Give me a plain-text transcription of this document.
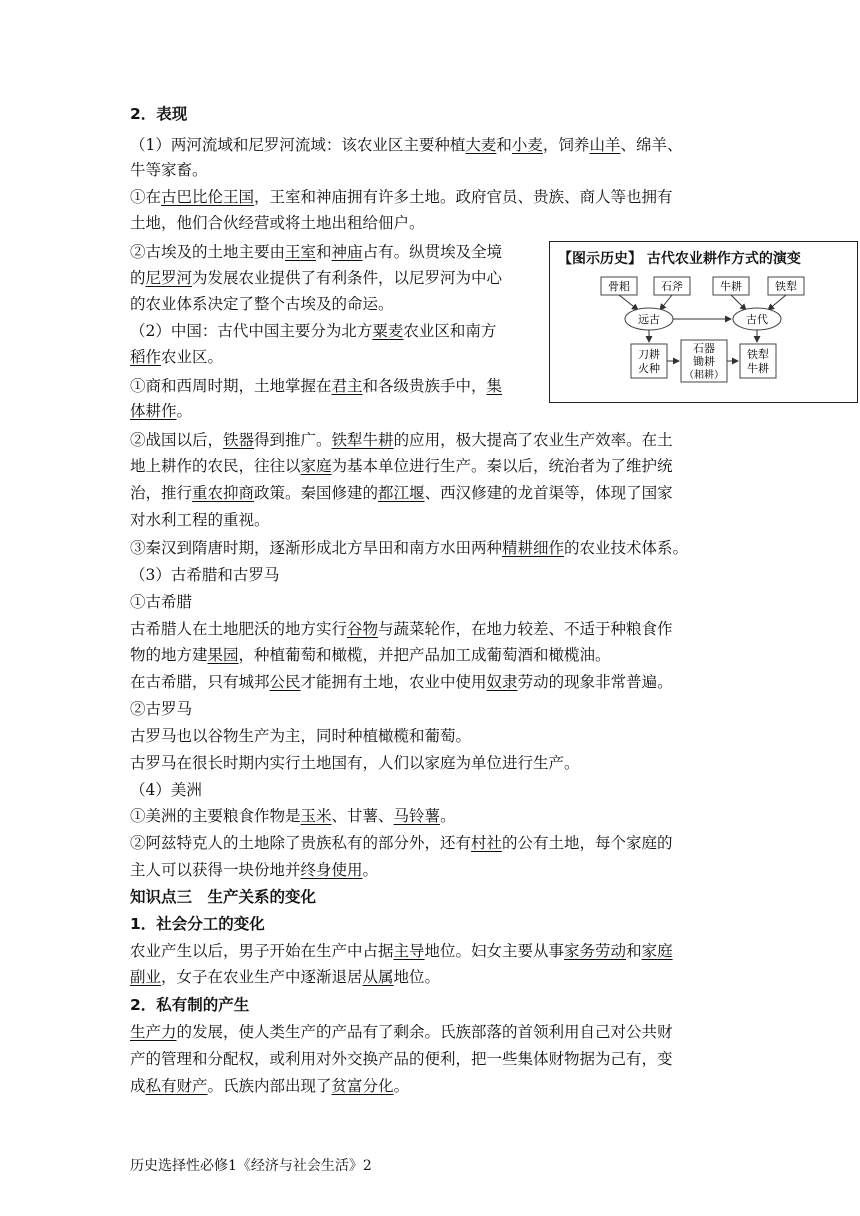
2．表现
（1）两河流域和尼罗河流域：该农业区主要种植大麦和小麦，饲养山羊、绵羊、
牛等家畜。
①在古巴比伦王国，王室和神庙拥有许多土地。政府官员、贵族、商人等也拥有
土地，他们合伙经营或将土地出租给佃户。
②古埃及的土地主要由王室和神庙占有。纵贯埃及全境
的尼罗河为发展农业提供了有利条件，以尼罗河为中心
的农业体系决定了整个古埃及的命运。
（2）中国：古代中国主要分为北方粟麦农业区和南方
稻作农业区。
①商和西周时期，土地掌握在君主和各级贵族手中，集
体耕作。
②战国以后，铁器得到推广。铁犁牛耕的应用，极大提高了农业生产效率。在土
地上耕作的农民，往往以家庭为基本单位进行生产。秦以后，统治者为了维护统
治，推行重农抑商政策。秦国修建的都江堰、西汉修建的龙首渠等，体现了国家
对水利工程的重视。
③秦汉到隋唐时期，逐渐形成北方旱田和南方水田两种精耕细作的农业技术体系。
（3）古希腊和古罗马
①古希腊
古希腊人在土地肥沃的地方实行谷物与蔬菜轮作，在地力较差、不适于种粮食作
物的地方建果园，种植葡萄和橄榄，并把产品加工成葡萄酒和橄榄油。
在古希腊，只有城邦公民才能拥有土地，农业中使用奴隶劳动的现象非常普遍。
②古罗马
古罗马也以谷物生产为主，同时种植橄榄和葡萄。
古罗马在很长时期内实行土地国有，人们以家庭为单位进行生产。
（4）美洲
①美洲的主要粮食作物是玉米、甘薯、马铃薯。
②阿兹特克人的土地除了贵族私有的部分外，还有村社的公有土地，每个家庭的
主人可以获得一块份地并终身使用。
知识点三　生产关系的变化
1．社会分工的变化
农业产生以后，男子开始在生产中占据主导地位。妇女主要从事家务劳动和家庭
副业，女子在农业生产中逐渐退居从属地位。
2．私有制的产生
生产力的发展，使人类生产的产品有了剩余。氏族部落的首领利用自己对公共财
产的管理和分配权，或利用对外交换产品的便利，把一些集体财物据为己有，变
成私有财产。氏族内部出现了贫富分化。
历史选择性必修1《经济与社会生活》2
【图示历史】 古代农业耕作方式的演变
骨耜	石斧	牛耕	铁犁
远古	古代
刀耕
火种
石器
锄耕
（耜耕）
铁犁
牛耕
